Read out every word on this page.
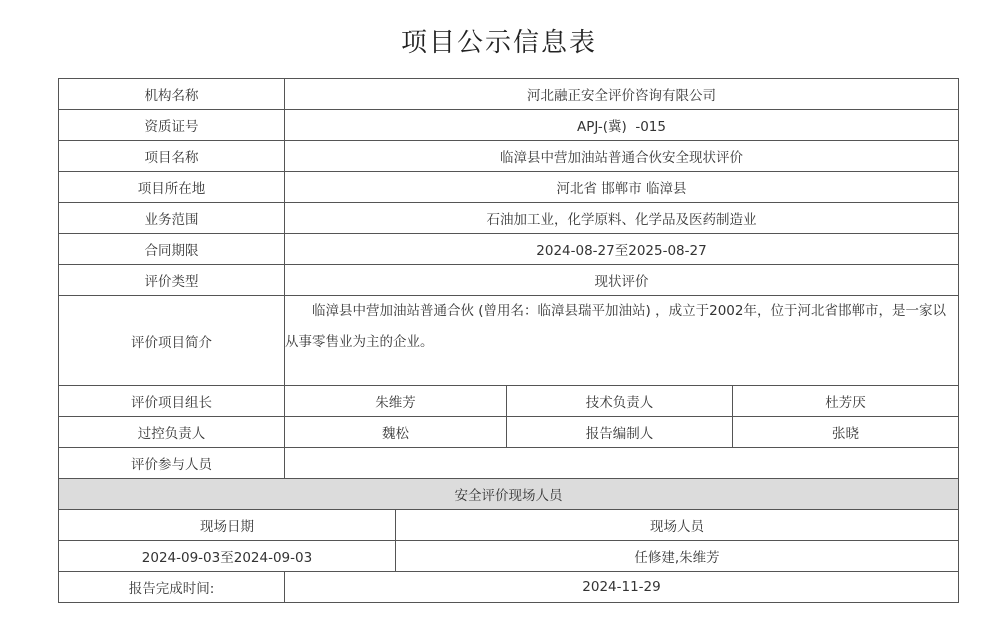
项目公示信息表
机构名称	河北融正安全评价咨询有限公司			
资质证号	APJ-(冀)  -015			
项目名称	临漳县中营加油站普通合伙安全现状评价			
项目所在地	河北省 邯郸市 临漳县			
业务范围	石油加工业，化学原料、化学品及医药制造业			
合同期限	2024-08-27至2025-08-27			
评价类型	现状评价			
评价项目简介	临漳县中营加油站普通合伙 (曾用名：临漳县瑞平加油站) ，成立于2002年，位于河北省邯郸市，是一家以从事零售业为主的企业。			

评价项目组长	朱维芳		技术负责人	杜芳厌
过控负责人	魏松		报告编制人	张晓
评价参与人员				
安全评价现场人员				
现场日期		现场人员		
2024-09-03至2024-09-03		任修建,朱维芳		
报告完成时间:	2024-11-29			
